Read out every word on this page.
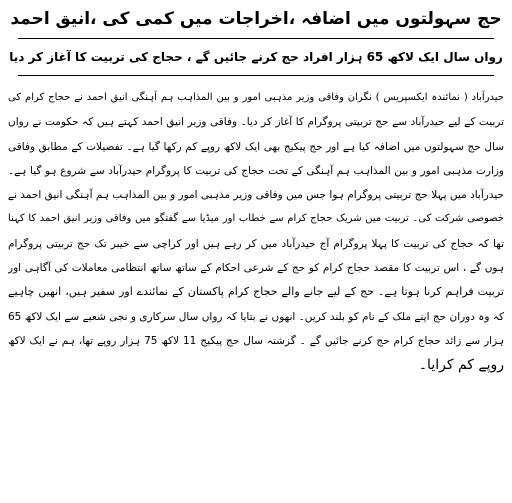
حج سہولتوں میں اضافہ ،اخراجات میں کمی کی ،انیق احمد
رواں سال ایک لاکھ 65 ہزار افراد حج کرنے جائیں گے ، حجاج کی تربیت کا آغاز کر دیا
حیدرآباد ( نمائندہ ایکسپریس ) نگران وفاقی وزیر مذہبی امور و بین المذاہب ہم آہنگی انیق احمد نے حجاج کرام کی
تربیت کے لیے حیدرآباد سے حج تربیتی پروگرام کا آغاز کر دیا۔ وفاقی وزیر انیق احمد کہتے ہیں کہ حکومت نے رواں
سال حج سہولتوں میں اضافہ کیا ہے اور حج پیکیج بھی ایک لاکھ روپے کم رکھا گیا ہے۔ تفصیلات کے مطابق وفاقی
وزارت مذہبی امور و بین المذاہب ہم آہنگی کے تحت حجاج کی تربیت کا پروگرام حیدرآباد سے شروع ہو گیا ہے۔
حیدرآباد میں پہلا حج تربیتی پروگرام ہوا جس میں وفاقی وزیر مذہبی امور و بین المذاہب ہم آہنگی انیق احمد نے
خصوصی شرکت کی۔ تربیت میں شریک حجاج کرام سے خطاب اور میڈیا سے گفتگو میں وفاقی وزیر انیق احمد کا کہنا
تھا کہ حجاج کی تربیت کا پہلا پروگرام آج حیدرآباد میں کر رہے ہیں اور کراچی سے خیبر تک حج تربیتی پروگرام
ہوں گے ، اس تربیت کا مقصد حجاج کرام کو حج کے شرعی احکام کے ساتھ ساتھ انتظامی معاملات کی آگاہی اور
تربیت فراہم کرنا ہوتا ہے۔ حج کے لیے جانے والے حجاج کرام پاکستان کے نمائندے اور سفیر ہیں، انھیں چاہیے
کہ وہ دوران حج اپنے ملک کے نام کو بلند کریں۔ انھوں نے بتایا کہ رواں سال سرکاری و نجی شعبے سے ایک لاکھ 65
ہزار سے زائد حجاج کرام حج کرنے جائیں گے ۔ گزشتہ سال حج پیکیج 11 لاکھ 75 ہزار روپے تھا، ہم نے ایک لاکھ
روپے کم کرایا۔
